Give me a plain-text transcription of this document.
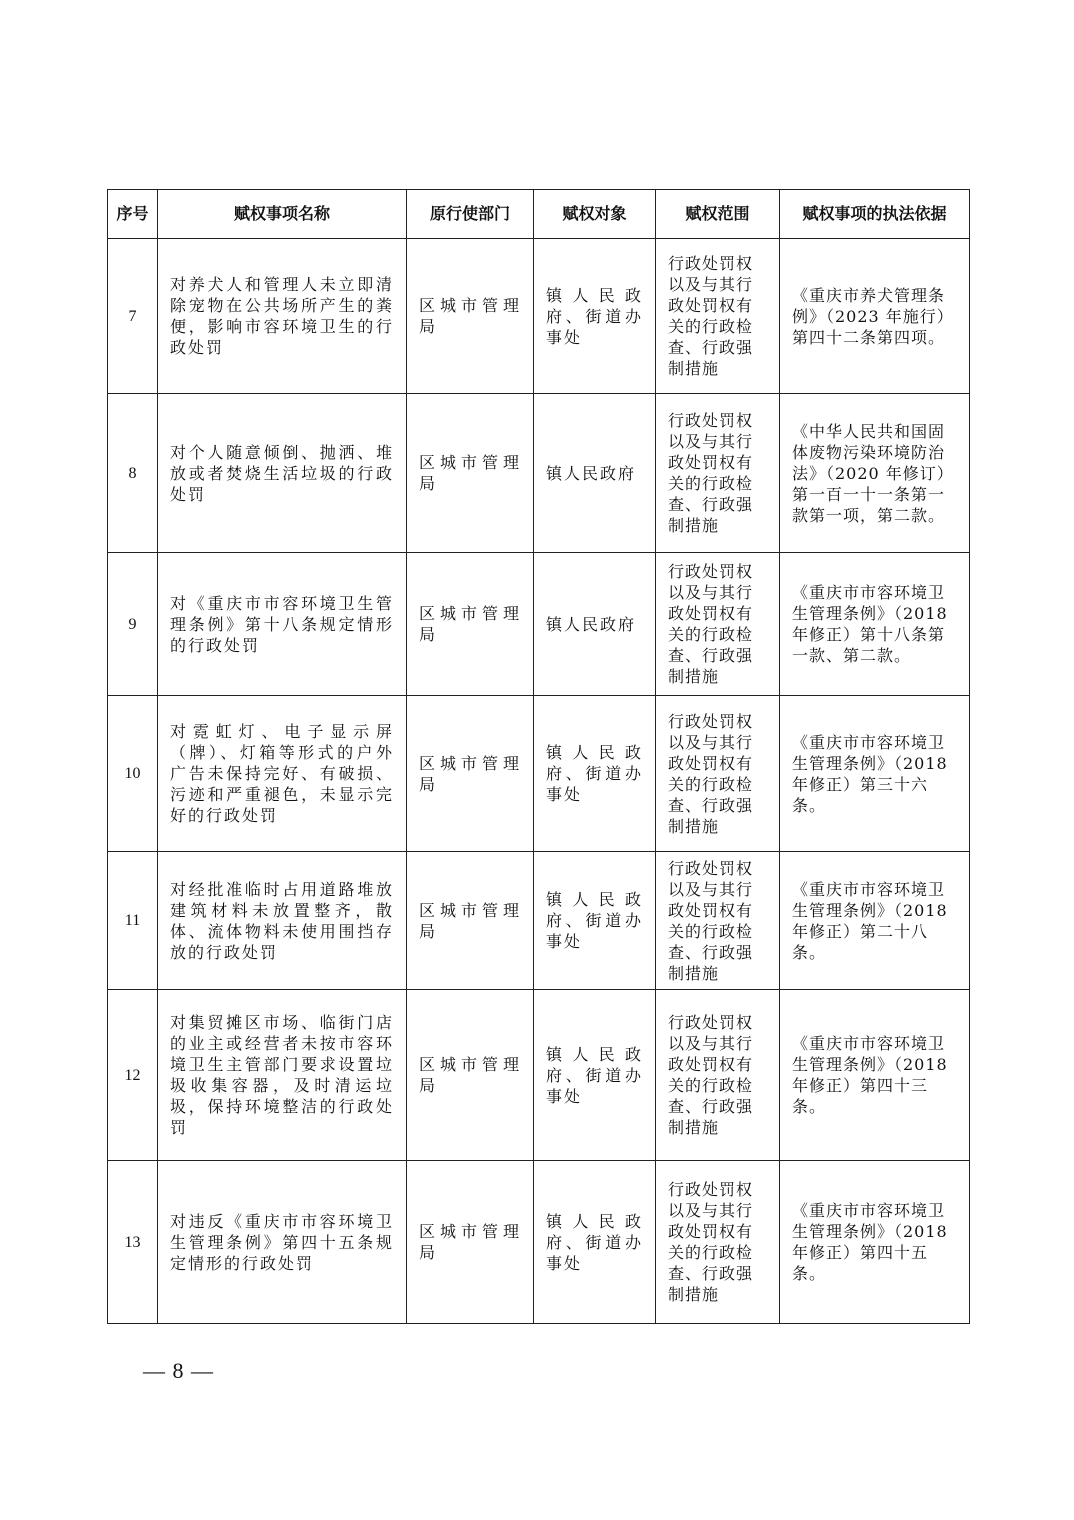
序号	赋权事项名称	原行使部门	赋权对象	赋权范围	赋权事项的执法依据
7	对养犬人和管理人未立即清除宠物在公共场所产生的粪便，影响市容环境卫生的行政处罚	区城市管理局	镇人民政府、街道办事处	行政处罚权以及与其行政处罚权有关的行政检查、行政强制措施	《重庆市养犬管理条例》（2023 年施行）第四十二条第四项。
8	对个人随意倾倒、抛洒、堆放或者焚烧生活垃圾的行政处罚	区城市管理局	镇人民政府	行政处罚权以及与其行政处罚权有关的行政检查、行政强制措施	《中华人民共和国固体废物污染环境防治法》（2020 年修订）第一百一十一条第一款第一项，第二款。
9	对《重庆市市容环境卫生管理条例》第十八条规定情形的行政处罚	区城市管理局	镇人民政府	行政处罚权以及与其行政处罚权有关的行政检查、行政强制措施	《重庆市市容环境卫生管理条例》（2018 年修正）第十八条第一款、第二款。
10	对霓虹灯、电子显示屏（牌）、灯箱等形式的户外广告未保持完好、有破损、污迹和严重褪色，未显示完好的行政处罚	区城市管理局	镇人民政府、街道办事处	行政处罚权以及与其行政处罚权有关的行政检查、行政强制措施	《重庆市市容环境卫生管理条例》（2018 年修正）第三十六条。
11	对经批准临时占用道路堆放建筑材料未放置整齐，散体、流体物料未使用围挡存放的行政处罚	区城市管理局	镇人民政府、街道办事处	行政处罚权以及与其行政处罚权有关的行政检查、行政强制措施	《重庆市市容环境卫生管理条例》（2018 年修正）第二十八条。
12	对集贸摊区市场、临街门店的业主或经营者未按市容环境卫生主管部门要求设置垃圾收集容器，及时清运垃圾，保持环境整洁的行政处罚	区城市管理局	镇人民政府、街道办事处	行政处罚权以及与其行政处罚权有关的行政检查、行政强制措施	《重庆市市容环境卫生管理条例》（2018 年修正）第四十三条。
13	对违反《重庆市市容环境卫生管理条例》第四十五条规定情形的行政处罚	区城市管理局	镇人民政府、街道办事处	行政处罚权以及与其行政处罚权有关的行政检查、行政强制措施	《重庆市市容环境卫生管理条例》（2018 年修正）第四十五条。
— 8 —
